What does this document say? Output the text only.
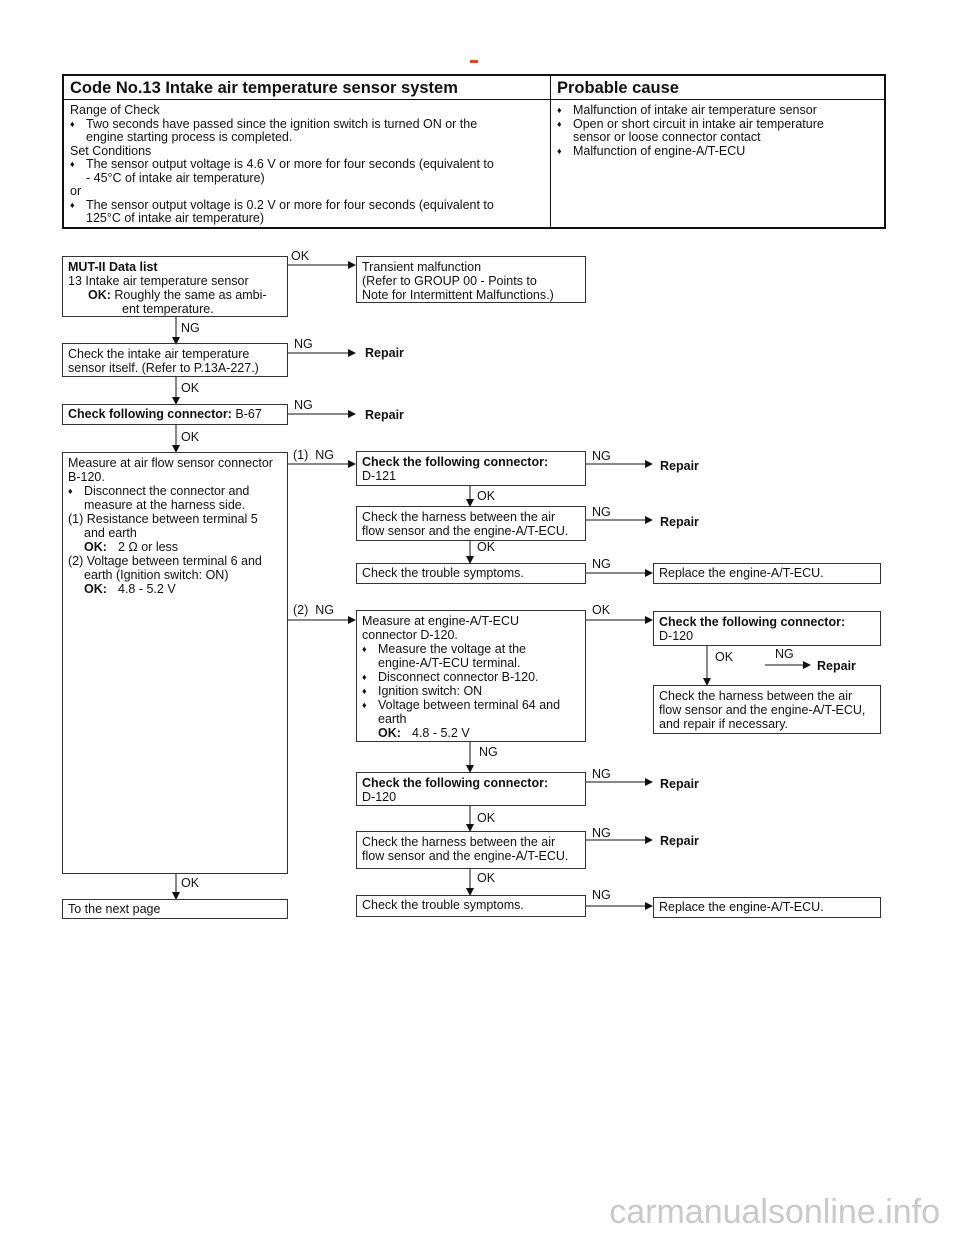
Code No.13 Intake air temperature sensor system	Probable cause
Range of Check
♦ Two seconds have passed since the ignition switch is turned ON or the
engine starting process is completed.
Set Conditions
♦ The sensor output voltage is 4.6 V or more for four seconds (equivalent to
- 45°C of intake air temperature)
or
♦ The sensor output voltage is 0.2 V or more for four seconds (equivalent to
125°C of intake air temperature)
♦ Malfunction of intake air temperature sensor
♦ Open or short circuit in intake air temperature
sensor or loose connector contact
♦ Malfunction of engine-A/T-ECU
MUT-II Data list
13 Intake air temperature sensor
OK: Roughly the same as ambi-
ent temperature.
Transient malfunction
(Refer to GROUP 00 - Points to
Note for Intermittent Malfunctions.)
Check the intake air temperature
sensor itself. (Refer to P.13A-227.)
Check following connector: B-67
Measure at air flow sensor connector
B-120.
♦ Disconnect the connector and
measure at the harness side.
(1) Resistance between terminal 5
and earth
OK: 2 Ω or less
(2) Voltage between terminal 6 and
earth (Ignition switch: ON)
OK: 4.8 - 5.2 V
To the next page
Check the following connector:
D-121
Check the harness between the air
flow sensor and the engine-A/T-ECU.
Check the trouble symptoms.	Replace the engine-A/T-ECU.
Measure at engine-A/T-ECU
connector D-120.
♦ Measure the voltage at the
engine-A/T-ECU terminal.
♦ Disconnect connector B-120.
♦ Ignition switch: ON
♦ Voltage between terminal 64 and
earth
OK: 4.8 - 5.2 V
Check the following connector:
D-120
Check the harness between the air
flow sensor and the engine-A/T-ECU,
and repair if necessary.
Check the following connector:
D-120
Check the harness between the air
flow sensor and the engine-A/T-ECU.
Check the trouble symptoms.	Replace the engine-A/T-ECU.
Repair
Repair
Repair
Repair
Repair
Repair
Repair
OK
NG
NG
OK
NG
OK
(1)  NG	NG
OK
NG
OK
NG
(2)  NG	OK
OK	NG
NG
NG
OK
NG
OK	OK
NG
carmanualsonline.info
